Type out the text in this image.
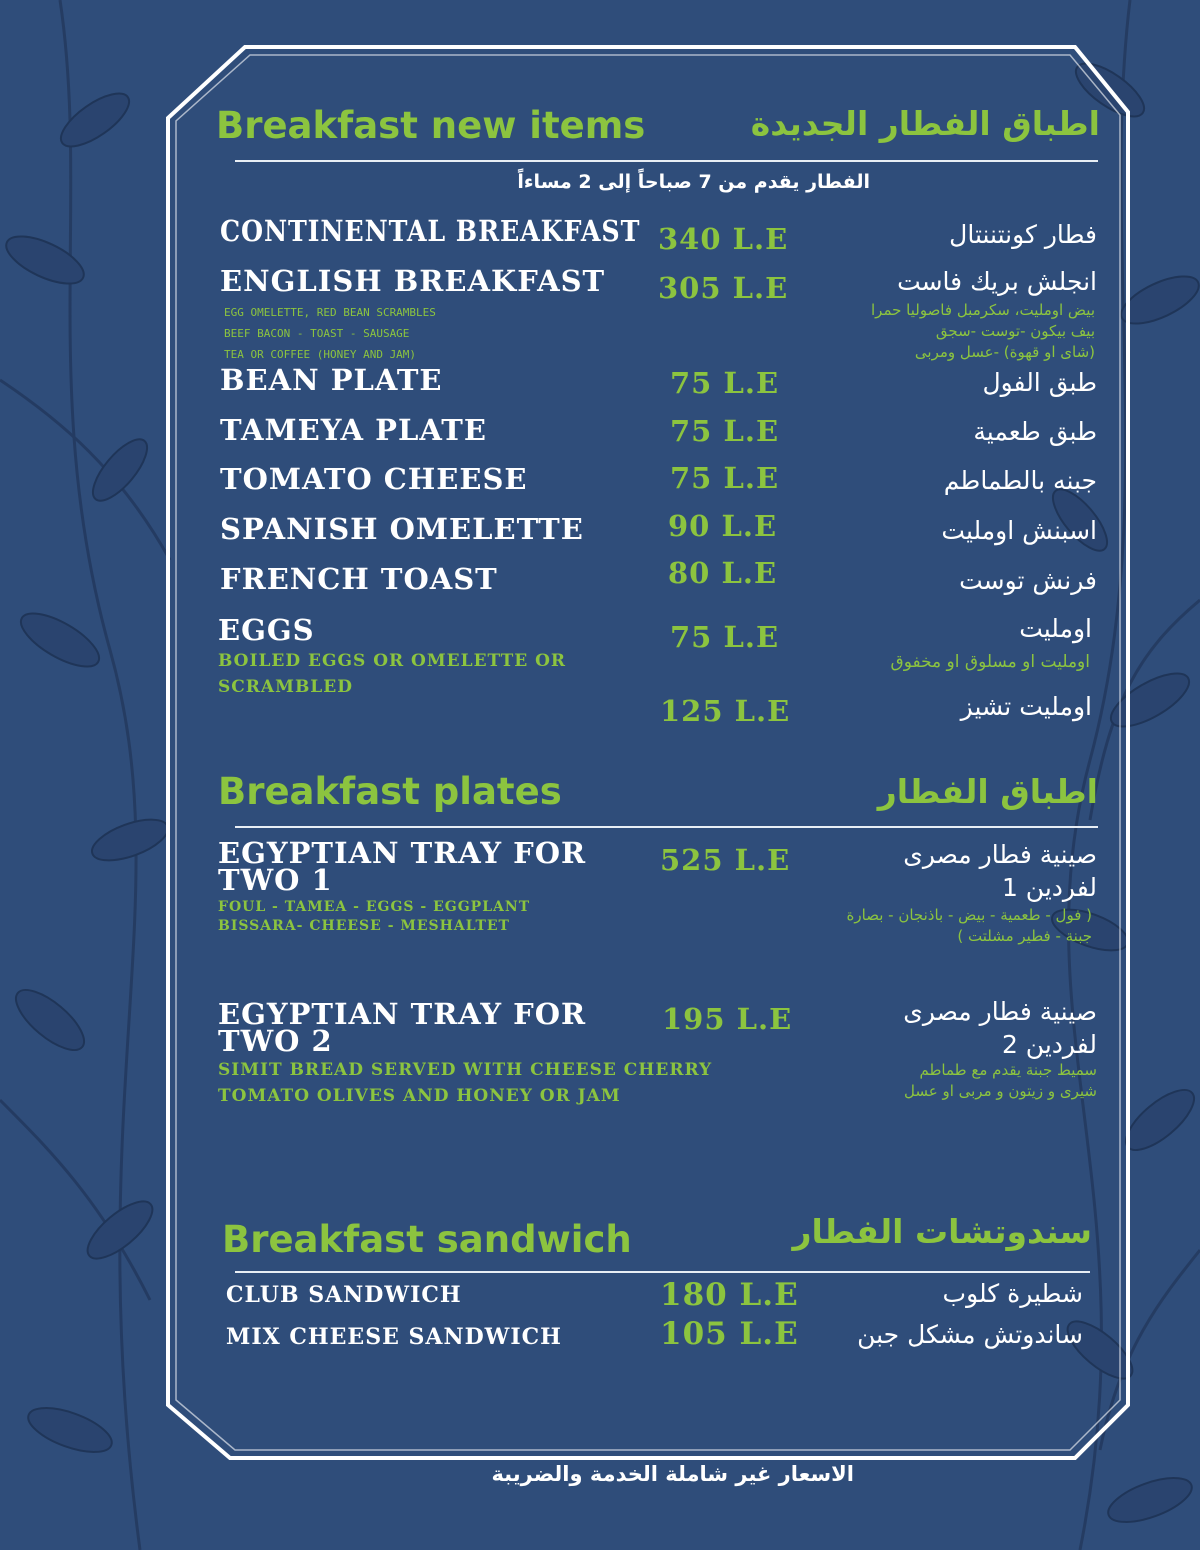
Breakfast new items	اطباق الفطار الجديدة
الفطار يقدم من 7 صباحاً إلى 2 مساءاً
CONTINENTAL BREAKFAST 340 L.E	فطار كونتننتال
ENGLISH BREAKFAST 305 L.E	انجلش بريك فاست
EGG OMELETTE, RED BEAN SCRAMBLES
BEEF BACON - TOAST - SAUSAGE
TEA OR COFFEE (HONEY AND JAM)
بيض اومليت، سكرمبل فاصوليا حمرا
بيف بيكون -توست -سجق
(شاى او قهوة) -عسل ومربى
BEAN PLATE	75 L.E	طبق الفول
TAMEYA PLATE	75 L.E	طبق طعمية
TOMATO CHEESE	75 L.E	جبنه بالطماطم
SPANISH OMELETTE	90 L.E	اسبنش اومليت
FRENCH TOAST	80 L.E	فرنش توست
EGGS	75 L.E	اومليت
BOILED EGGS OR OMELETTE OR
SCRAMBLED
اومليت او مسلوق او مخفوق
125 L.E	اومليت تشيز
Breakfast plates	اطباق الفطار
EGYPTIAN TRAY FOR
TWO 1
525 L.E	صينية فطار مصرى
لفردين 1
FOUL - TAMEA - EGGS - EGGPLANT
BISSARA- CHEESE - MESHALTET
( فول - طعمية - بيض - باذنجان - بصارة
جبنة - فطير مشلتت )
EGYPTIAN TRAY FOR
TWO 2
195 L.E	صينية فطار مصرى
لفردين 2
SIMIT BREAD SERVED WITH CHEESE CHERRY
TOMATO OLIVES AND HONEY OR JAM
سميط جبنة يقدم مع طماطم
شيرى و زيتون و مربى او عسل
Breakfast sandwich	سندوتشات الفطار
CLUB SANDWICH	180 L.E	شطيرة كلوب
MIX CHEESE SANDWICH	105 L.E ساندوتش مشكل جبن
الاسعار غير شاملة الخدمة والضريبة
